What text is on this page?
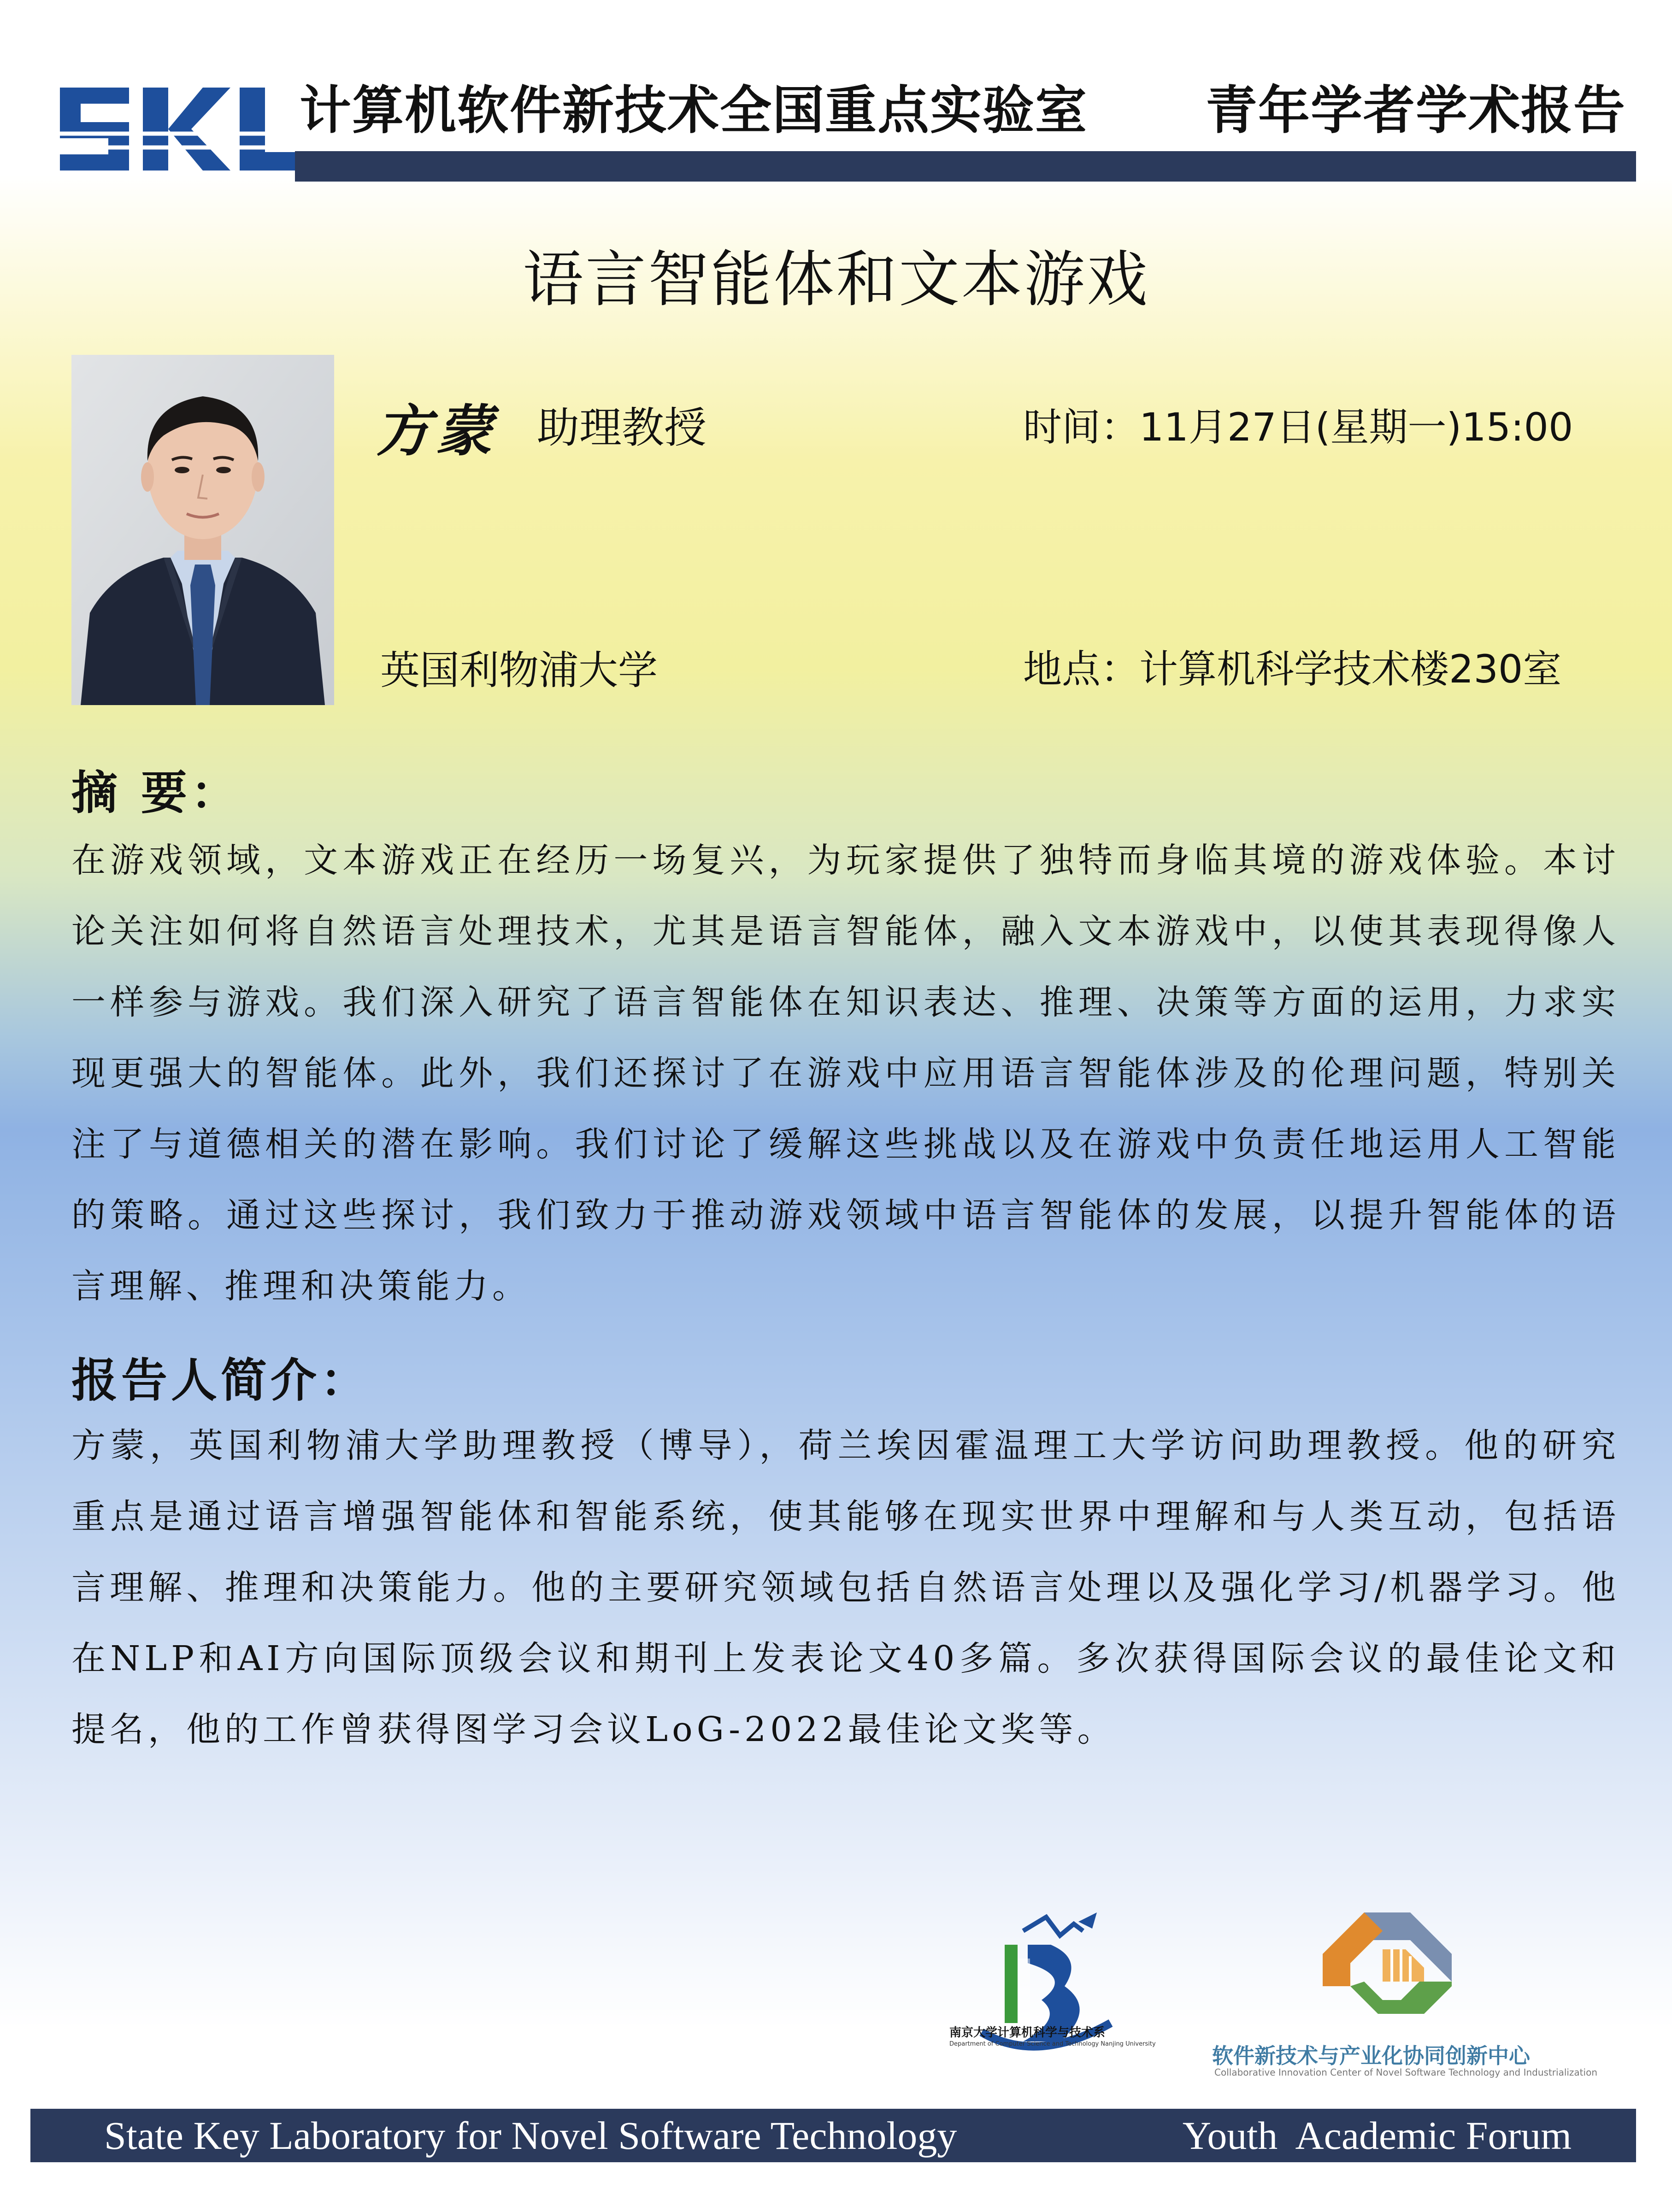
计算机软件新技术全国重点实验室 青年学者学术报告
语言智能体和文本游戏
方蒙 助理教授	时间：11月27日(星期一)15:00
英国利物浦大学	地点：计算机科学技术楼230室
摘 要：
在游戏领域，文本游戏正在经历一场复兴，为玩家提供了独特而身临其境的游戏体验。本讨论关注如何将自然语言处理技术，尤其是语言智能体，融入文本游戏中，以使其表现得像人一样参与游戏。我们深入研究了语言智能体在知识表达、推理、决策等方面的运用，力求实现更强大的智能体。此外，我们还探讨了在游戏中应用语言智能体涉及的伦理问题，特别关注了与道德相关的潜在影响。我们讨论了缓解这些挑战以及在游戏中负责任地运用人工智能的策略。通过这些探讨，我们致力于推动游戏领域中语言智能体的发展，以提升智能体的语言理解、推理和决策能力。
报告人简介：
方蒙，英国利物浦大学助理教授（博导），荷兰埃因霍温理工大学访问助理教授。他的研究重点是通过语言增强智能体和智能系统，使其能够在现实世界中理解和与人类互动，包括语言理解、推理和决策能力。他的主要研究领域包括自然语言处理以及强化学习/机器学习。他在NLP和AI方向国际顶级会议和期刊上发表论文40多篇。多次获得国际会议的最佳论文和提名，他的工作曾获得图学习会议LoG-2022最佳论文奖等。
南京大学计算机科学与技术系
Department of Computer Science and Technology Nanjing University	软件新技术与产业化协同创新中心
Collaborative Innovation Center of Novel Software Technology and Industrialization
State Key Laboratory for Novel Software Technology	Youth  Academic Forum
